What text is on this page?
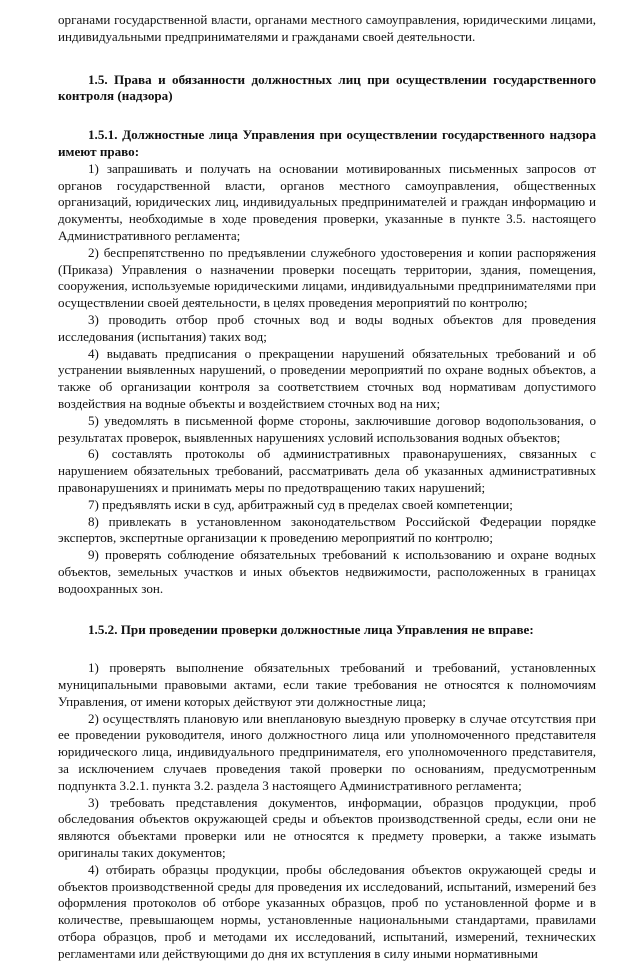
органами государственной власти, органами местного самоуправления, юридическими лицами, индивидуальными предпринимателями и гражданами своей деятельности.

1.5. Права и обязанности должностных лиц при осуществлении государственного контроля (надзора)

1.5.1. Должностные лица Управления при осуществлении государственного надзора имеют право:

1) запрашивать и получать на основании мотивированных письменных запросов от органов государственной власти, органов местного самоуправления, общественных организаций, юридических лиц, индивидуальных предпринимателей и граждан информацию и документы, необходимые в ходе проведения проверки, указанные в пункте 3.5. настоящего Административного регламента;

2) беспрепятственно по предъявлении служебного удостоверения и копии распоряжения (Приказа) Управления о назначении проверки посещать территории, здания, помещения, сооружения, используемые юридическими лицами, индивидуальными предпринимателями при осуществлении своей деятельности, в целях проведения мероприятий по контролю;

3) проводить отбор проб сточных вод и воды водных объектов для проведения исследования (испытания) таких вод;

4) выдавать предписания о прекращении нарушений обязательных требований и об устранении выявленных нарушений, о проведении мероприятий по охране водных объектов, а также об организации контроля за соответствием сточных вод нормативам допустимого воздействия на водные объекты и воздействием сточных вод на них;

5) уведомлять в письменной форме стороны, заключившие договор водопользования, о результатах проверок, выявленных нарушениях условий использования водных объектов;

6) составлять протоколы об административных правонарушениях, связанных с нарушением обязательных требований, рассматривать дела об указанных административных правонарушениях и принимать меры по предотвращению таких нарушений;

7) предъявлять иски в суд, арбитражный суд в пределах своей компетенции;

8) привлекать в установленном законодательством Российской Федерации порядке экспертов, экспертные организации к проведению мероприятий по контролю;

9) проверять соблюдение обязательных требований к использованию и охране водных объектов, земельных участков и иных объектов недвижимости, расположенных в границах водоохранных зон.

1.5.2. При проведении проверки должностные лица Управления не вправе:

1) проверять выполнение обязательных требований и требований, установленных муниципальными правовыми актами, если такие требования не относятся к полномочиям Управления, от имени которых действуют эти должностные лица;

2) осуществлять плановую или внеплановую выездную проверку в случае отсутствия при ее проведении руководителя, иного должностного лица или уполномоченного представителя юридического лица, индивидуального предпринимателя, его уполномоченного представителя, за исключением случаев проведения такой проверки по основаниям, предусмотренным подпункта 3.2.1. пункта 3.2. раздела 3 настоящего Административного регламента;

3) требовать представления документов, информации, образцов продукции, проб обследования объектов окружающей среды и объектов производственной среды, если они не являются объектами проверки или не относятся к предмету проверки, а также изымать оригиналы таких документов;

4) отбирать образцы продукции, пробы обследования объектов окружающей среды и объектов производственной среды для проведения их исследований, испытаний, измерений без оформления протоколов об отборе указанных образцов, проб по установленной форме и в количестве, превышающем нормы, установленные национальными стандартами, правилами отбора образцов, проб и методами их исследований, испытаний, измерений, технических регламентами или действующими до дня их вступления в силу иными нормативными
